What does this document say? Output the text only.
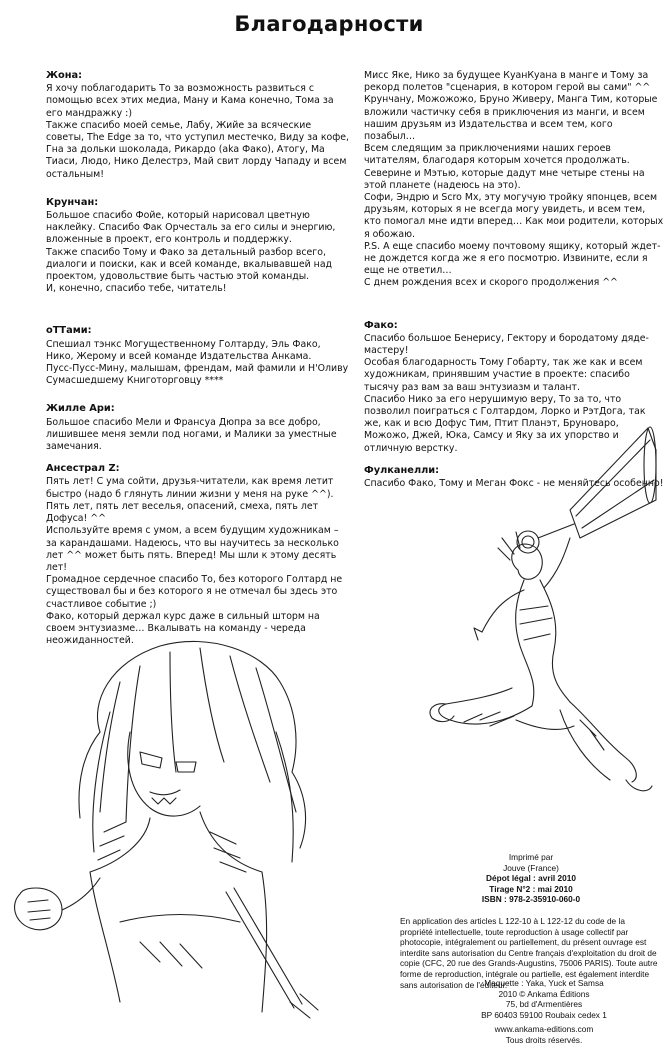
Благодарности
Жона:

Я хочу поблагодарить То за возможность развиться с помощью всех этих медиа, Ману и Кама конечно, Тома за его мандражку :)

Также спасибо моей семье, Лабу, Жийе за всяческие советы, The Edge за то, что уступил местечко, Виду за кофе, Гна за дольки шоколада, Рикардо (aka Фако), Атогу, Ма Тиаси, Людо, Нико Делестрэ, Май свит лорду Чападу и всем остальным!

Крунчан:

Большое спасибо Фойе, который нарисовал цветную наклейку. Спасибо Фак Орчесталь за его силы и энергию, вложенные в проект, его контроль и поддержку.

Также спасибо Тому и Фако за детальный разбор всего, диалоги и поиски, как и всей команде, вкалывавшей над проектом, удовольствие быть частью этой команды.

И, конечно, спасибо тебе, читатель!

оТТами:

Спешиал тэнкс Могущественному Голтарду, Эль Фако, Нико, Жерому и всей команде Издательства Анкама.

Пусс-Пусс-Мину, малышам, френдам, май фамили и Н'Оливу Сумасшедшему Книготорговцу ****

Жилле Ари:

Большое спасибо Мели и Франсуа Дюпра за все добро, лишившее меня земли под ногами, и Малики за уместные замечания.

Анcестрал Z:

Пять лет! С ума сойти, друзья-читатели, как время летит быстро (надо б глянуть линии жизни у меня на руке ^^).

Пять лет, пять лет веселья, опасений, смеха, пять лет Дофуса! ^^

Используйте время с умом, а всем будущим художникам – за карандашами. Надеюсь, что вы научитесь за несколько лет ^^ может быть пять. Вперед! Мы шли к этому десять лет!

Громадное сердечное спасибо То, без которого Голтард не существовал бы и без которого я не отмечал бы здесь это счастливое событие ;)

Фако, который держал курс даже в сильный шторм на своем энтузиазме… Вкалывать на команду - череда неожиданностей.

Мисс Яке, Нико за будущее КуанКуана в манге и Тому за рекорд полетов "сценария, в котором герой вы сами" ^^

Крунчану, Можожожо, Бруно Живеру, Манга Тим, которые вложили частичку себя в приключения из манги, и всем нашим друзьям из Издательства и всем тем, кого позабыл…

Всем следящим за приключениями наших героев читателям, благодаря которым хочется продолжать. Северине и Мэтью, которые дадут мне четыре стены на этой планете (надеюсь на это).

Софи, Эндрю и Scro Mx, эту могучую тройку японцев, всем друзьям, которых я не всегда могу увидеть, и всем тем, кто помогал мне идти вперед… Как мои родители, которых я обожаю.

P.S. А еще спасибо моему почтовому ящику, который ждет-не дождется когда же я его посмотрю. Извините, если я еще не ответил…

С днем рождения всех и скорого продолжения ^^

Фако:

Спасибо большое Бенерису, Гектору и бородатому дяде-мастеру!

Особая благодарность Тому Гобарту, так же как и всем художникам, принявшим участие в проекте: спасибо тысячу раз вам за ваш энтузиазм и талант.

Спасибо Нико за его нерушимую веру, То за то, что позволил поиграться с Голтардом, Лорко и РэтДога, так же, как и всю Дофус Тим, Птит Планэт, Бруноваро, Можожо, Джей, Юка, Самсу и Яку за их упорство и отличную верстку.

Фулканелли:

Спасибо Фако, Тому и Меган Фокс - не меняйтесь особенно!

Imprimé par
Jouve (France)
Dépot légal : avril 2010
Tirage N°2 : mai 2010
ISBN : 978-2-35910-060-0
En application des articles L 122-10 à L 122-12 du code de la propriété intellectuelle, toute reproduction à usage collectif par photocopie, intégralement ou partiellement, du présent ouvrage est interdite sans autorisation du Centre français d'exploitation du droit de copie (CFC, 20 rue des Grands-Augustins, 75006 PARIS). Toute autre forme de reproduction, intégrale ou partielle, est également interdite sans autorisation de l'éditeur.
Maquette : Yaka, Yuck et Samsa
2010 © Ankama Éditions
75, bd d'Armentières
BP 60403 59100 Roubaix cedex 1
www.ankama-editions.com
Tous droits réservés.
